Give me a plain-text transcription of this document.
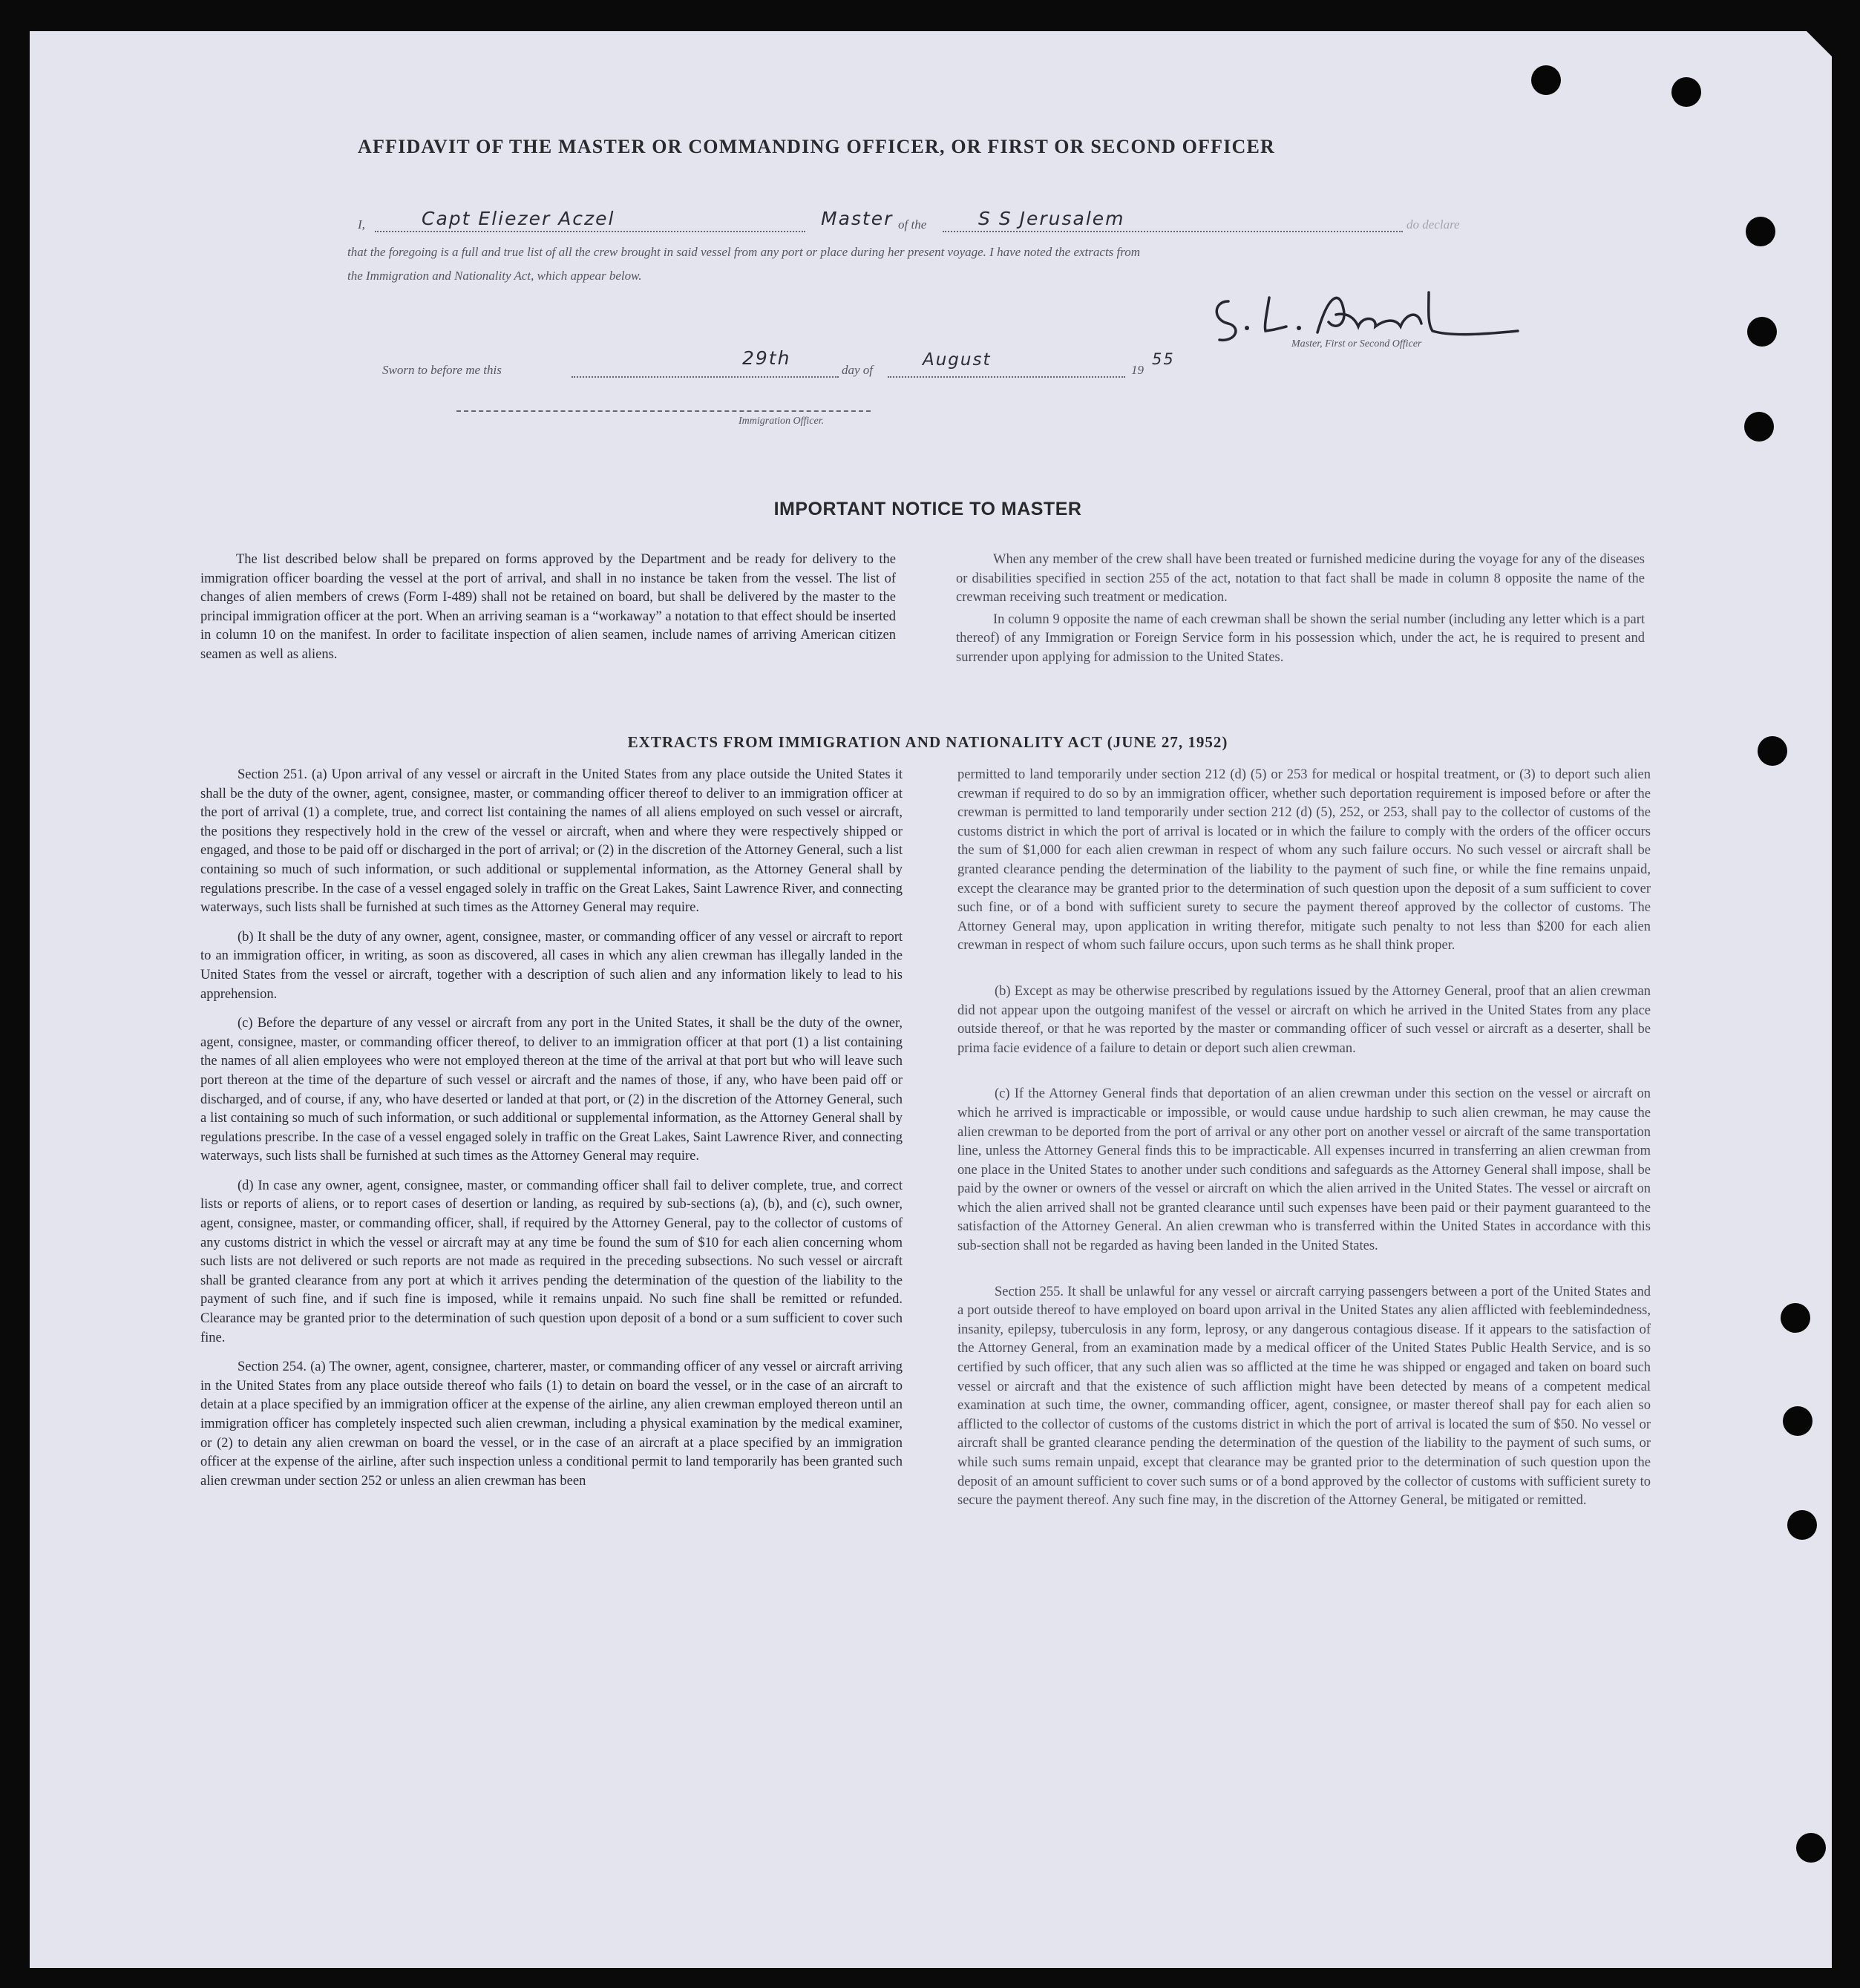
AFFIDAVIT OF THE MASTER OR COMMANDING OFFICER, OR FIRST OR SECOND OFFICER
I,	Capt Eliezer Aczel	Master of the	S S Jerusalem	do declare

that the foregoing is a full and true list of all the crew brought in said vessel from any port or place during her present voyage. I have noted the extracts from

the Immigration and Nationality Act, which appear below.

Master, First or Second Officer
Sworn to before me this
29th
day of
August
19
55
Immigration Officer.
IMPORTANT NOTICE TO MASTER

The list described below shall be prepared on forms approved by the Department and be ready for delivery to the immigration officer boarding the vessel at the port of arrival, and shall in no instance be taken from the vessel. The list of changes of alien members of crews (Form I-489) shall not be retained on board, but shall be delivered by the master to the principal immigration officer at the port. When an arriving seaman is a “workaway” a notation to that effect should be inserted in column 10 on the manifest. In order to facilitate inspection of alien seamen, include names of arriving American citizen seamen as well as aliens.

When any member of the crew shall have been treated or furnished medicine during the voyage for any of the diseases or disabilities specified in section 255 of the act, notation to that fact shall be made in column 8 opposite the name of the crewman receiving such treatment or medication.

In column 9 opposite the name of each crewman shall be shown the serial number (including any letter which is a part thereof) of any Immigration or Foreign Service form in his possession which, under the act, he is required to present and surrender upon applying for admission to the United States.

EXTRACTS FROM IMMIGRATION AND NATIONALITY ACT (JUNE 27, 1952)

Section 251. (a) Upon arrival of any vessel or aircraft in the United States from any place outside the United States it shall be the duty of the owner, agent, consignee, master, or commanding officer thereof to deliver to an immigration officer at the port of arrival (1) a complete, true, and correct list containing the names of all aliens employed on such vessel or aircraft, the positions they respectively hold in the crew of the vessel or aircraft, when and where they were respectively shipped or engaged, and those to be paid off or discharged in the port of arrival; or (2) in the discretion of the Attorney General, such a list containing so much of such information, or such additional or supplemental information, as the Attorney General shall by regulations prescribe. In the case of a vessel engaged solely in traffic on the Great Lakes, Saint Lawrence River, and connecting waterways, such lists shall be furnished at such times as the Attorney General may require.

(b) It shall be the duty of any owner, agent, consignee, master, or commanding officer of any vessel or aircraft to report to an immigration officer, in writing, as soon as discovered, all cases in which any alien crewman has illegally landed in the United States from the vessel or aircraft, together with a description of such alien and any information likely to lead to his apprehension.

(c) Before the departure of any vessel or aircraft from any port in the United States, it shall be the duty of the owner, agent, consignee, master, or commanding officer thereof, to deliver to an immigration officer at that port (1) a list containing the names of all alien employees who were not employed thereon at the time of the arrival at that port but who will leave such port thereon at the time of the departure of such vessel or aircraft and the names of those, if any, who have been paid off or discharged, and of course, if any, who have deserted or landed at that port, or (2) in the discretion of the Attorney General, such a list containing so much of such information, or such additional or supplemental information, as the Attorney General shall by regulations prescribe. In the case of a vessel engaged solely in traffic on the Great Lakes, Saint Lawrence River, and connecting waterways, such lists shall be furnished at such times as the Attorney General may require.

(d) In case any owner, agent, consignee, master, or commanding officer shall fail to deliver complete, true, and correct lists or reports of aliens, or to report cases of desertion or landing, as required by sub-sections (a), (b), and (c), such owner, agent, consignee, master, or commanding officer, shall, if required by the Attorney General, pay to the collector of customs of any customs district in which the vessel or aircraft may at any time be found the sum of $10 for each alien concerning whom such lists are not delivered or such reports are not made as required in the preceding subsections. No such vessel or aircraft shall be granted clearance from any port at which it arrives pending the determination of the question of the liability to the payment of such fine, and if such fine is imposed, while it remains unpaid. No such fine shall be remitted or refunded. Clearance may be granted prior to the determination of such question upon deposit of a bond or a sum sufficient to cover such fine.

Section 254. (a) The owner, agent, consignee, charterer, master, or commanding officer of any vessel or aircraft arriving in the United States from any place outside thereof who fails (1) to detain on board the vessel, or in the case of an aircraft to detain at a place specified by an immigration officer at the expense of the airline, any alien crewman employed thereon until an immigration officer has completely inspected such alien crewman, including a physical examination by the medical examiner, or (2) to detain any alien crewman on board the vessel, or in the case of an aircraft at a place specified by an immigration officer at the expense of the airline, after such inspection unless a conditional permit to land temporarily has been granted such alien crewman under section 252 or unless an alien crewman has been

permitted to land temporarily under section 212 (d) (5) or 253 for medical or hospital treatment, or (3) to deport such alien crewman if required to do so by an immigration officer, whether such deportation requirement is imposed before or after the crewman is permitted to land temporarily under section 212 (d) (5), 252, or 253, shall pay to the collector of customs of the customs district in which the port of arrival is located or in which the failure to comply with the orders of the officer occurs the sum of $1,000 for each alien crewman in respect of whom any such failure occurs. No such vessel or aircraft shall be granted clearance pending the determination of the liability to the payment of such fine, or while the fine remains unpaid, except the clearance may be granted prior to the determination of such question upon the deposit of a sum sufficient to cover such fine, or of a bond with sufficient surety to secure the payment thereof approved by the collector of customs. The Attorney General may, upon application in writing therefor, mitigate such penalty to not less than $200 for each alien crewman in respect of whom such failure occurs, upon such terms as he shall think proper.

(b) Except as may be otherwise prescribed by regulations issued by the Attorney General, proof that an alien crewman did not appear upon the outgoing manifest of the vessel or aircraft on which he arrived in the United States from any place outside thereof, or that he was reported by the master or commanding officer of such vessel or aircraft as a deserter, shall be prima facie evidence of a failure to detain or deport such alien crewman.

(c) If the Attorney General finds that deportation of an alien crewman under this section on the vessel or aircraft on which he arrived is impracticable or impossible, or would cause undue hardship to such alien crewman, he may cause the alien crewman to be deported from the port of arrival or any other port on another vessel or aircraft of the same transportation line, unless the Attorney General finds this to be impracticable. All expenses incurred in transferring an alien crewman from one place in the United States to another under such conditions and safeguards as the Attorney General shall impose, shall be paid by the owner or owners of the vessel or aircraft on which the alien arrived in the United States. The vessel or aircraft on which the alien arrived shall not be granted clearance until such expenses have been paid or their payment guaranteed to the satisfaction of the Attorney General. An alien crewman who is transferred within the United States in accordance with this sub-section shall not be regarded as having been landed in the United States.

Section 255. It shall be unlawful for any vessel or aircraft carrying passengers between a port of the United States and a port outside thereof to have employed on board upon arrival in the United States any alien afflicted with feeblemindedness, insanity, epilepsy, tuberculosis in any form, leprosy, or any dangerous contagious disease. If it appears to the satisfaction of the Attorney General, from an examination made by a medical officer of the United States Public Health Service, and is so certified by such officer, that any such alien was so afflicted at the time he was shipped or engaged and taken on board such vessel or aircraft and that the existence of such affliction might have been detected by means of a competent medical examination at such time, the owner, commanding officer, agent, consignee, or master thereof shall pay for each alien so afflicted to the collector of customs of the customs district in which the port of arrival is located the sum of $50. No vessel or aircraft shall be granted clearance pending the determination of the question of the liability to the payment of such sums, or while such sums remain unpaid, except that clearance may be granted prior to the determination of such question upon the deposit of an amount sufficient to cover such sums or of a bond approved by the collector of customs with sufficient surety to secure the payment thereof. Any such fine may, in the discretion of the Attorney General, be mitigated or remitted.
